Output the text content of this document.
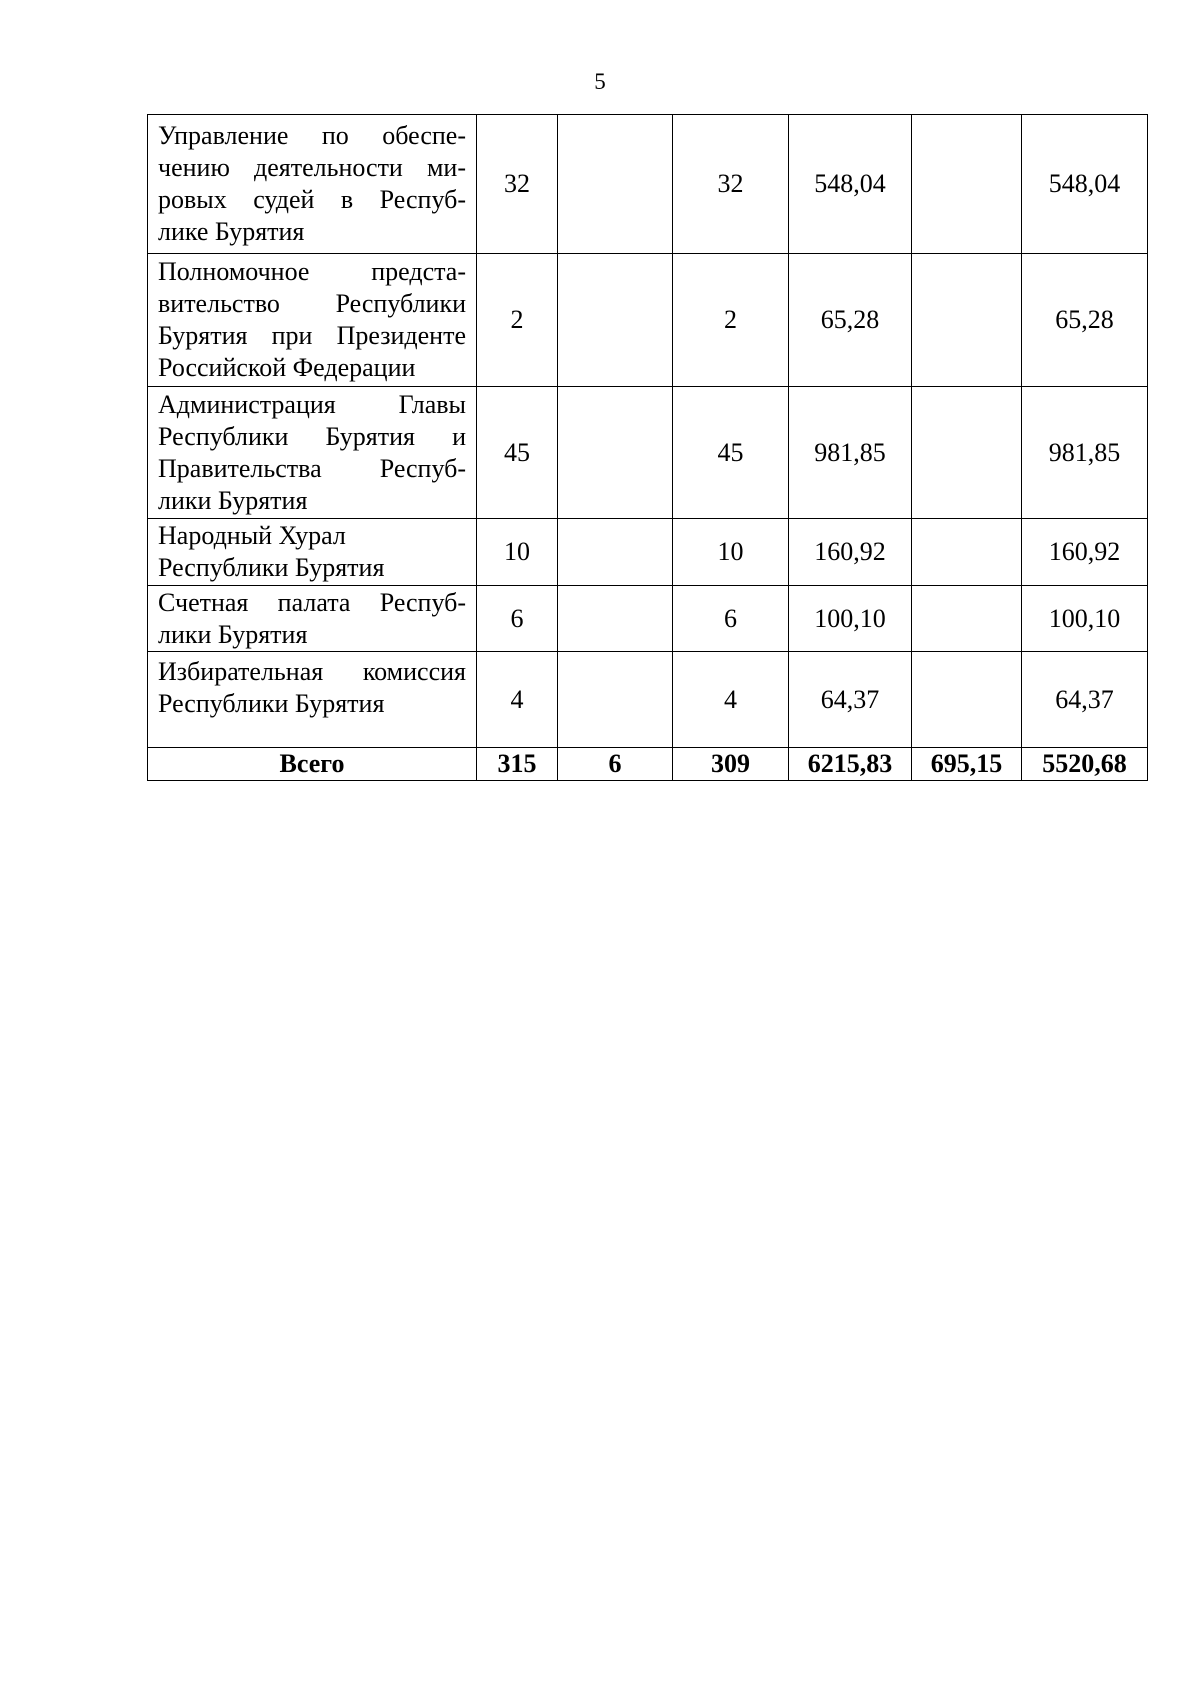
5
Управление по обеспе-
чению деятельности ми-
ровых судей в Респуб-
лике Бурятия	32		32	548,04		548,04

Полномочное предста-
вительство Республики
Бурятия при Президенте
Российской Федерации	2		2	65,28		65,28

Администрация Главы
Республики Бурятия и
Правительства Респуб-
лики Бурятия	45		45	981,85		981,85

Народный Хурал
Республики Бурятия	10		10	160,92		160,92

Счетная палата Респуб-
лики Бурятия	6		6	100,10		100,10

Избирательная комиссия
Республики Бурятия	4		4	64,37		64,37
Всего	315	6	309	6215,83	695,15	5520,68
